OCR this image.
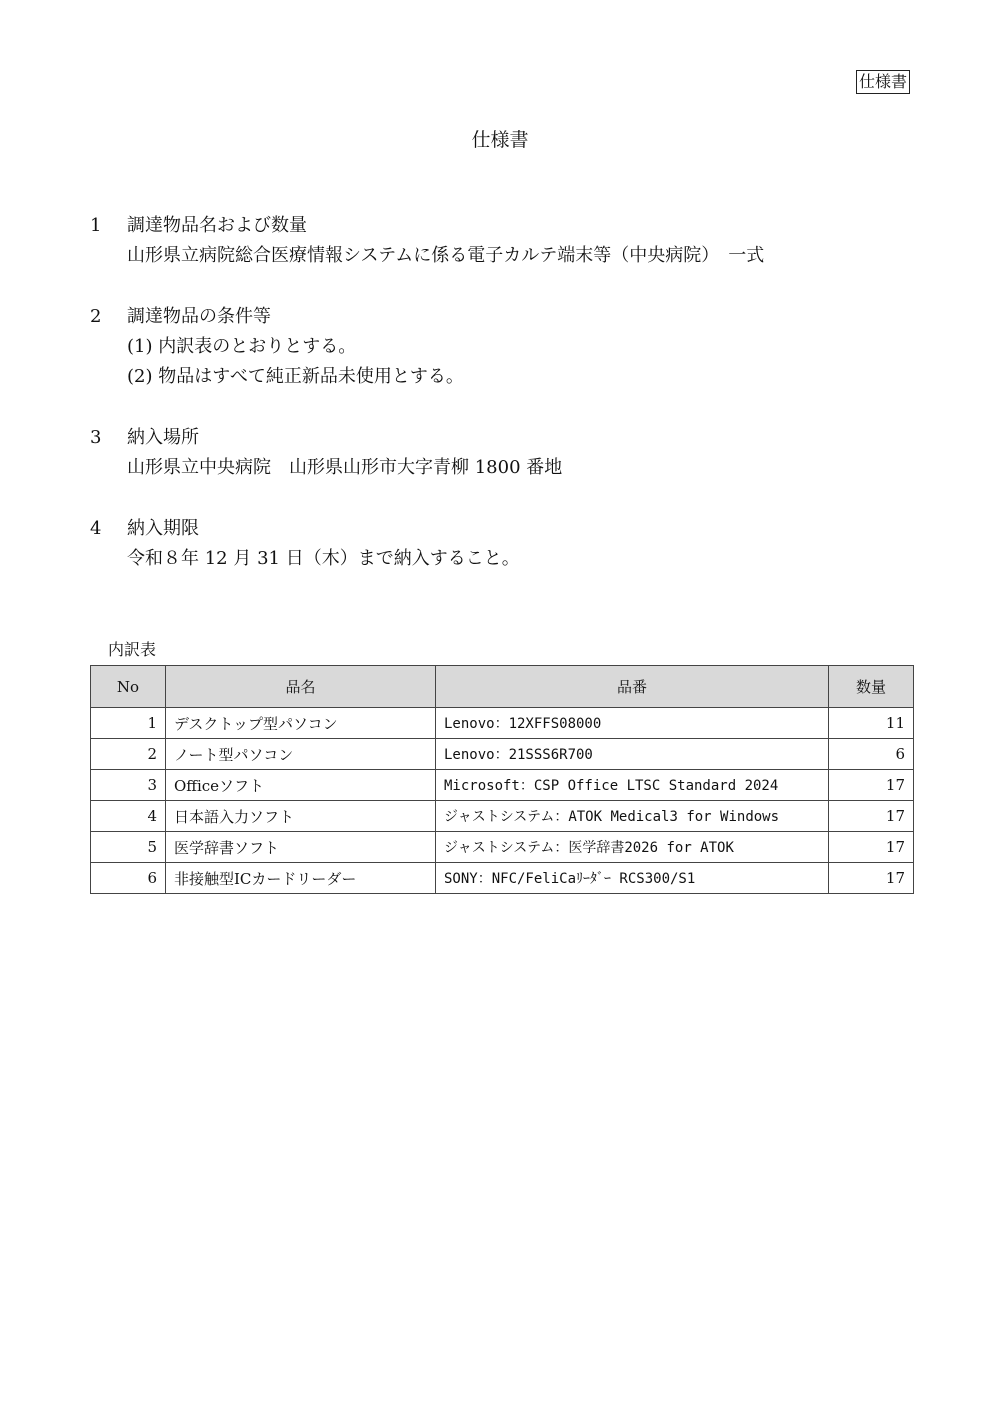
仕様書
仕様書
1 調達物品名および数量
山形県立病院総合医療情報システムに係る電子カルテ端末等（中央病院）　一式
2 調達物品の条件等
(1) 内訳表のとおりとする。
(2) 物品はすべて純正新品未使用とする。
3 納入場所
山形県立中央病院　山形県山形市大字青柳 1800 番地
4 納入期限
令和８年 12 月 31 日（木）まで納入すること。
内訳表
No	品名	品番	数量
1	デスクトップ型パソコン	Lenovo：12XFFS08000	11
2	ノート型パソコン	Lenovo：21SSS6R700	6
3	Officeソフト	Microsoft：CSP Office LTSC Standard 2024	17
4	日本語入力ソフト	ジャストシステム：ATOK Medical3 for Windows	17
5	医学辞書ソフト	ジャストシステム：医学辞書2026 for ATOK	17
6	非接触型ICカードリーダー	SONY：NFC/FeliCaﾘｰﾀﾞｰ RCS300/S1	17
